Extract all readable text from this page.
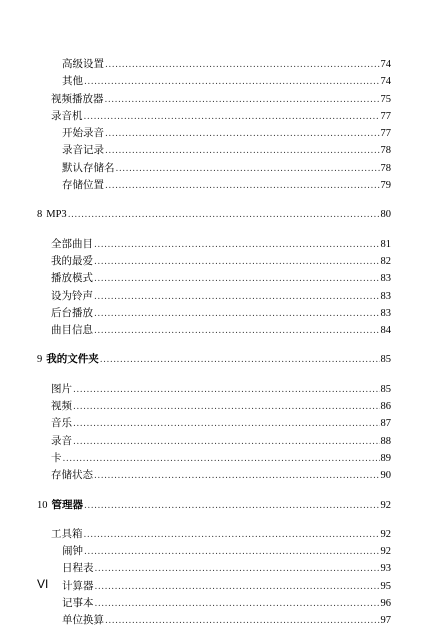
高级设置 .....	74
其他 .....	74
视频播放器 .....	75
录音机 .....	77
开始录音 .....	77
录音记录 .....	78
默认存储名 .....	78
存储位置 .....	79
8 MP3 .....	80
全部曲目 .....	81
我的最爱 .....	82
播放模式 .....	83
设为铃声 .....	83
后台播放 .....	83
曲目信息 .....	84
9 我的文件夹 .....	85
图片 .....	85
视频 .....	86
音乐 .....	87
录音 .....	88
卡 .....	89
存储状态 .....	90
10 管理器 .....	92
工具箱 .....	92
闹钟 .....	92
日程表 .....	93
计算器 .....	95
记事本 .....	96
单位换算 .....	97
VI
